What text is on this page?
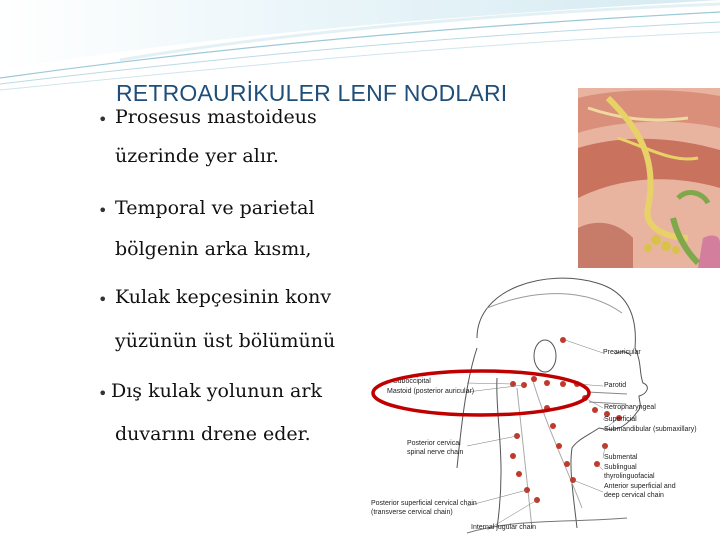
RETROAURİKULER LENF NODLARI
• Prosesus mastoideus
üzerinde yer alır.
• Temporal ve parietal
bölgenin arka kısmı,
• Kulak kepçesinin konv
yüzünün üst bölümünü
• Dış kulak yolunun ark
duvarını drene eder.
Preauricular
Suboccipital
Mastoid (posterior auricular)
Parotid
Retropharyngeal
Superficial
Submandibular (submaxillary)
Posterior cervical
spinal nerve chain
Submental
Sublingual
thyrolinguofacial
Anterior superficial and
deep cervical chain
Posterior superficial cervical chain
(transverse cervical chain)
Internal jugular chain
